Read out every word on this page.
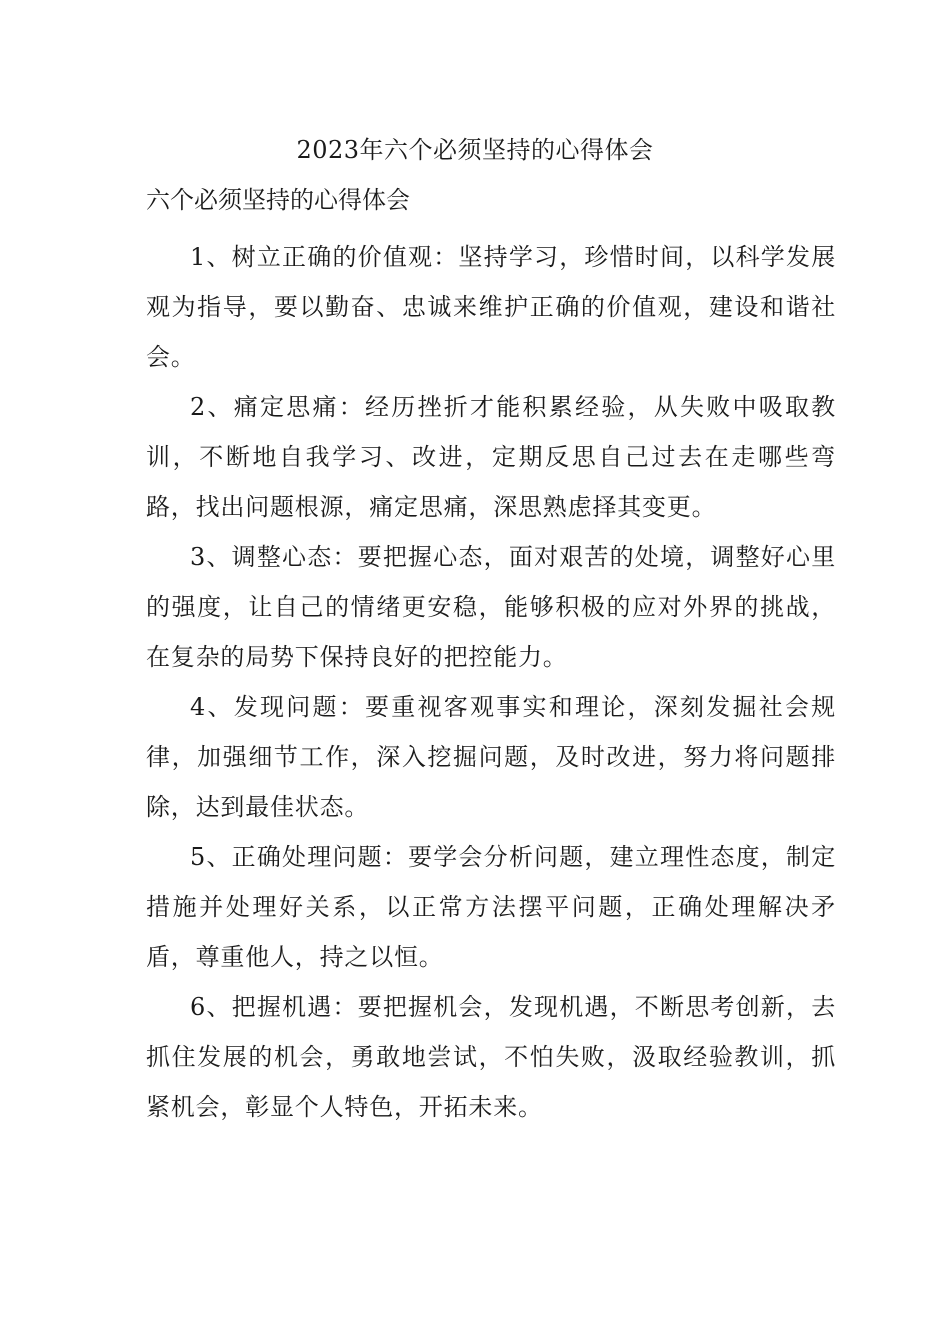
2023年六个必须坚持的心得体会
六个必须坚持的心得体会

1、树立正确的价值观：坚持学习，珍惜时间，以科学发展观为指导，要以勤奋、忠诚来维护正确的价值观，建设和谐社会。

2、痛定思痛：经历挫折才能积累经验，从失败中吸取教训，不断地自我学习、改进，定期反思自己过去在走哪些弯路，找出问题根源，痛定思痛，深思熟虑择其变更。

3、调整心态：要把握心态，面对艰苦的处境，调整好心里的强度，让自己的情绪更安稳，能够积极的应对外界的挑战，在复杂的局势下保持良好的把控能力。

4、发现问题：要重视客观事实和理论，深刻发掘社会规律，加强细节工作，深入挖掘问题，及时改进，努力将问题排除，达到最佳状态。

5、正确处理问题：要学会分析问题，建立理性态度，制定措施并处理好关系，以正常方法摆平问题，正确处理解决矛盾，尊重他人，持之以恒。

6、把握机遇：要把握机会，发现机遇，不断思考创新，去抓住发展的机会，勇敢地尝试，不怕失败，汲取经验教训，抓紧机会，彰显个人特色，开拓未来。
